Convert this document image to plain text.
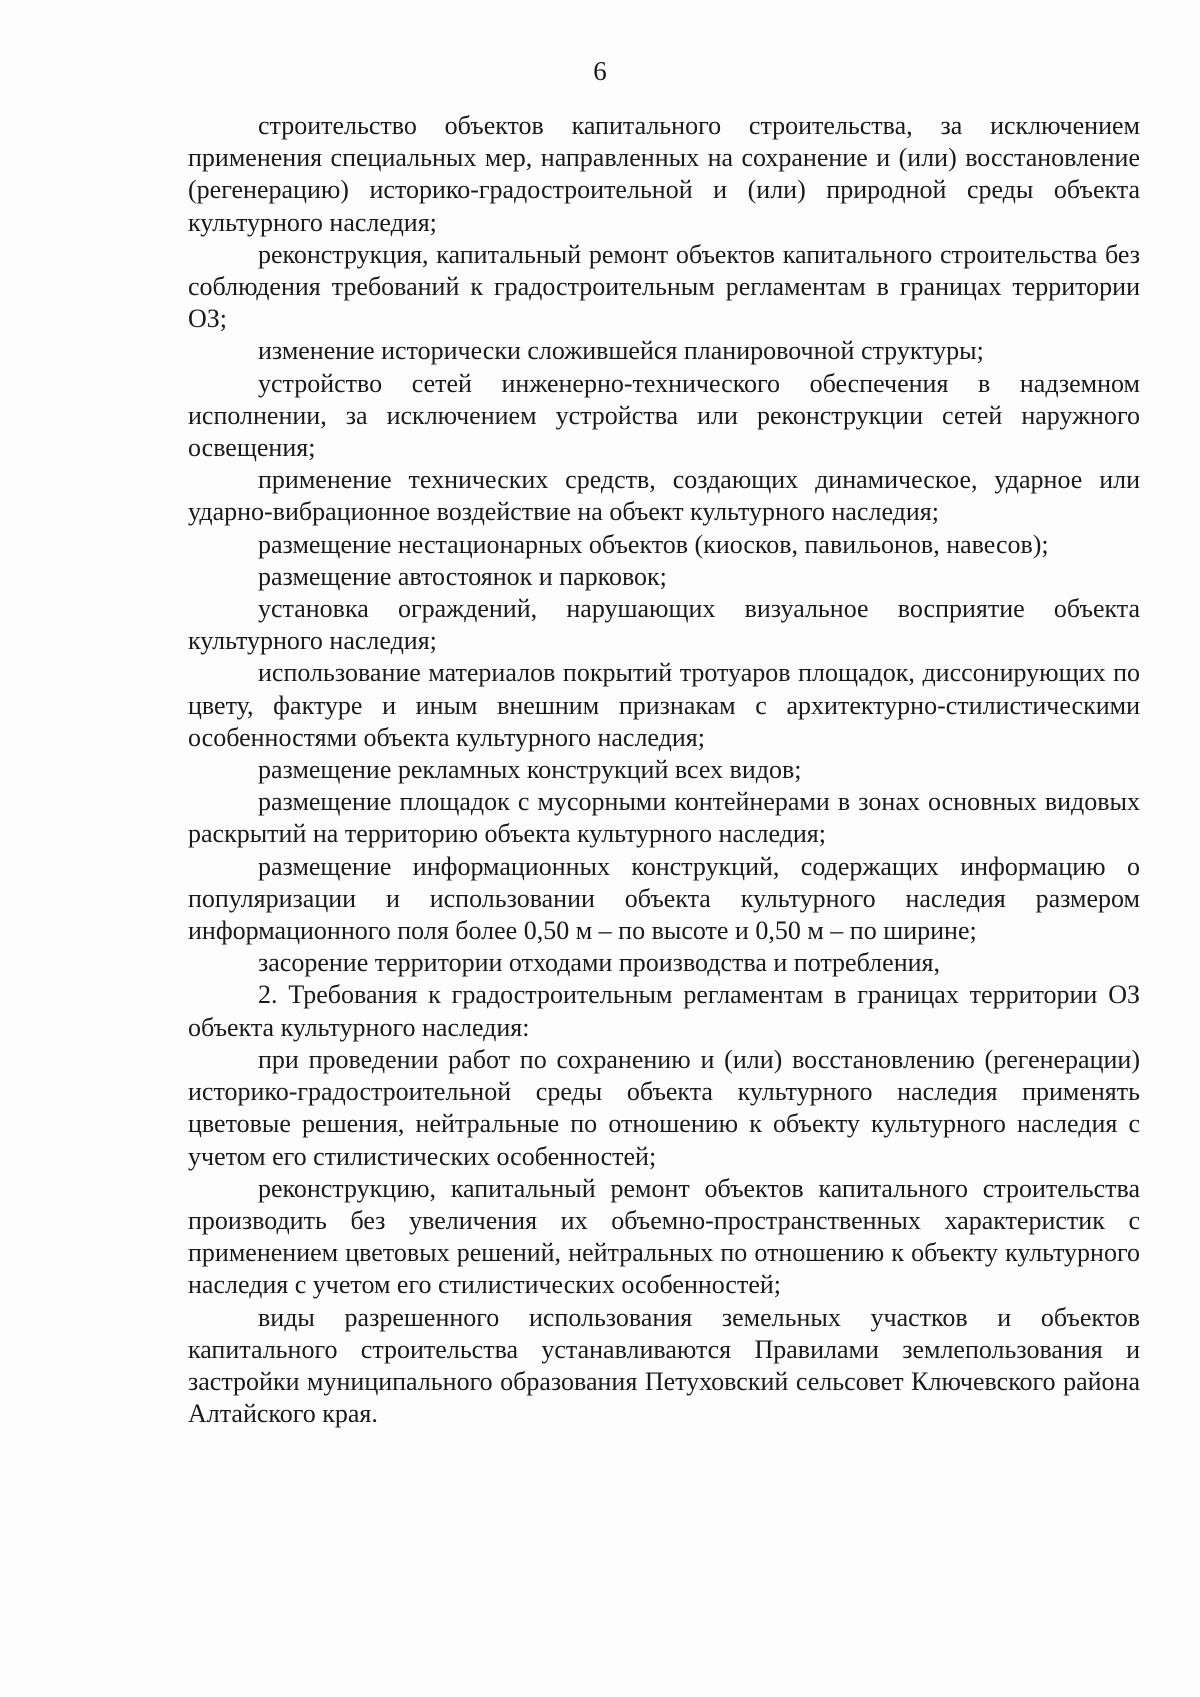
6

строительство объектов капитального строительства, за исключением применения специальных мер, направленных на сохранение и (или) восстановление (регенерацию) историко-градостроительной и (или) природной среды объекта культурного наследия;

реконструкция, капитальный ремонт объектов капитального строительства без соблюдения требований к градостроительным регламентам в границах территории ОЗ;

изменение исторически сложившейся планировочной структуры;

устройство сетей инженерно-технического обеспечения в надземном исполнении, за исключением устройства или реконструкции сетей наружного освещения;

применение технических средств, создающих динамическое, ударное или ударно-вибрационное воздействие на объект культурного наследия;

размещение нестационарных объектов (киосков, павильонов, навесов);

размещение автостоянок и парковок;

установка ограждений, нарушающих визуальное восприятие объекта культурного наследия;

использование материалов покрытий тротуаров площадок, диссонирующих по цвету, фактуре и иным внешним признакам с архитектурно-стилистическими особенностями объекта культурного наследия;

размещение рекламных конструкций всех видов;

размещение площадок с мусорными контейнерами в зонах основных видовых раскрытий на территорию объекта культурного наследия;

размещение информационных конструкций, содержащих информацию о популяризации и использовании объекта культурного наследия размером информационного поля более 0,50 м – по высоте и 0,50 м – по ширине;

засорение территории отходами производства и потребления,

2. Требования к градостроительным регламентам в границах территории ОЗ объекта культурного наследия:

при проведении работ по сохранению и (или) восстановлению (регенерации) историко-градостроительной среды объекта культурного наследия применять цветовые решения, нейтральные по отношению к объекту культурного наследия с учетом его стилистических особенностей;

реконструкцию, капитальный ремонт объектов капитального строительства производить без увеличения их объемно-пространственных характеристик с применением цветовых решений, нейтральных по отношению к объекту культурного наследия с учетом его стилистических особенностей;

виды разрешенного использования земельных участков и объектов капитального строительства устанавливаются Правилами землепользования и застройки муниципального образования Петуховский сельсовет Ключевского района Алтайского края.
